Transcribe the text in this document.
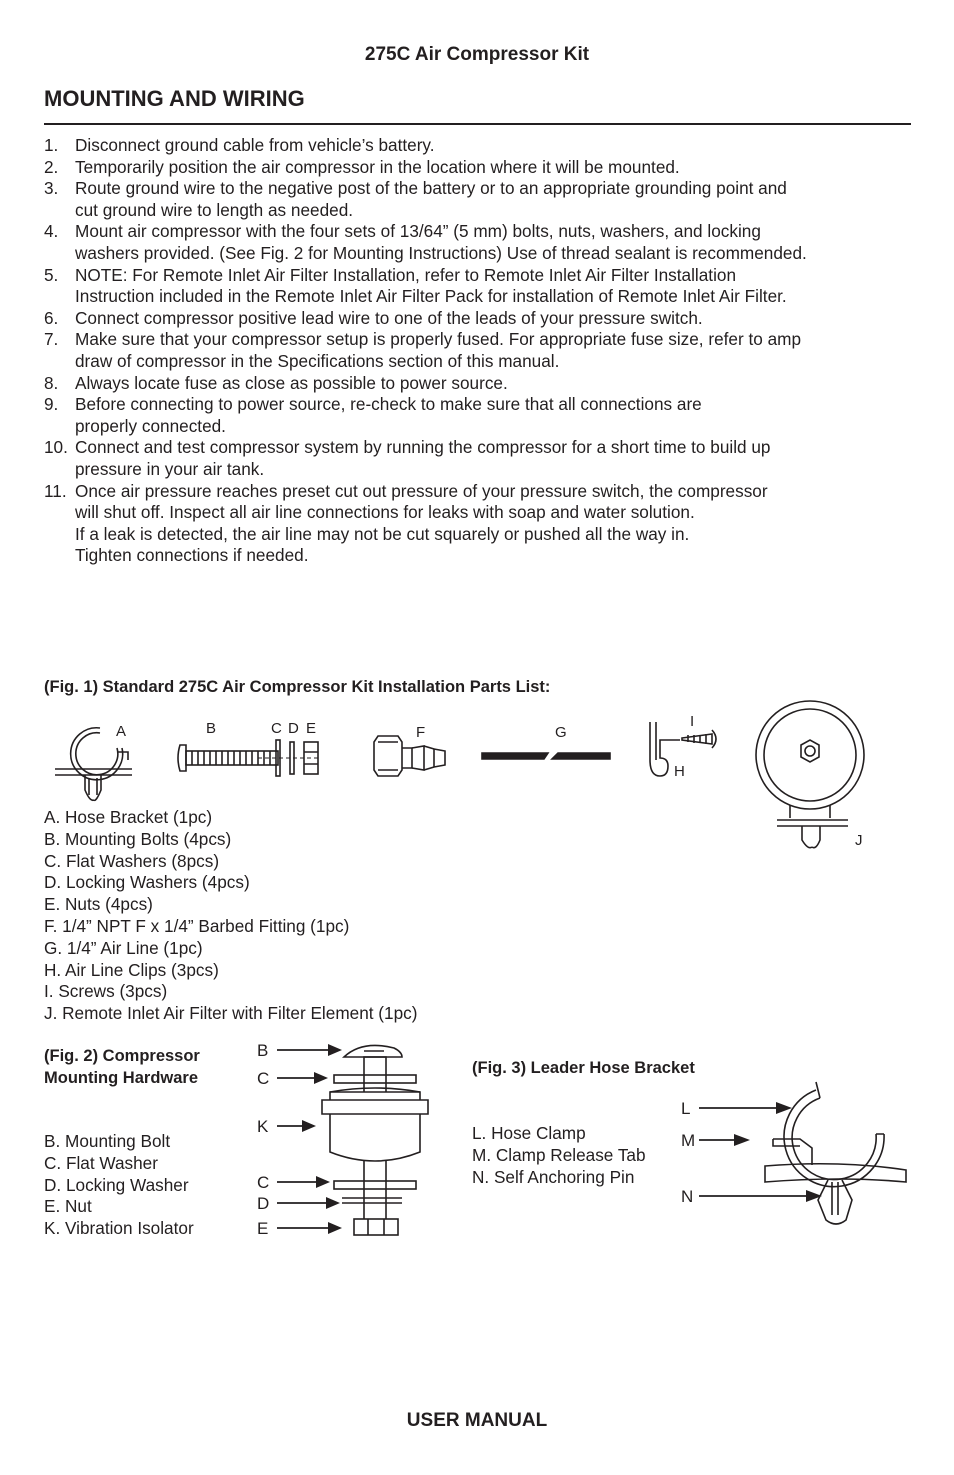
275C Air Compressor Kit
MOUNTING AND WIRING
1. Disconnect ground cable from vehicle’s battery.
2. Temporarily position the air compressor in the location where it will be mounted.
3. Route ground wire to the negative post of the battery or to an appropriate grounding point and
cut ground wire to length as needed.
4. Mount air compressor with the four sets of 13/64” (5 mm) bolts, nuts, washers, and locking
washers provided. (See Fig. 2 for Mounting Instructions) Use of thread sealant is recommended.
5. NOTE: For Remote Inlet Air Filter Installation, refer to Remote Inlet Air Filter Installation
Instruction included in the Remote Inlet Air Filter Pack for installation of Remote Inlet Air Filter.
6. Connect compressor positive lead wire to one of the leads of your pressure switch.
7. Make sure that your compressor setup is properly fused. For appropriate fuse size, refer to amp
draw of compressor in the Specifications section of this manual.
8. Always locate fuse as close as possible to power source.
9. Before connecting to power source, re-check to make sure that all connections are
properly connected.
10. Connect and test compressor system by running the compressor for a short time to build up
pressure in your air tank.
11. Once air pressure reaches preset cut out pressure of your pressure switch, the compressor
will shut off. Inspect all air line connections for leaks with soap and water solution.
If a leak is detected, the air line may not be cut squarely or pushed all the way in.
Tighten connections if needed.
(Fig. 1) Standard 275C Air Compressor Kit Installation Parts List:
A	B	C D E	F	G
H
I
J
A. Hose Bracket (1pc)
B. Mounting Bolts (4pcs)
C. Flat Washers (8pcs)
D. Locking Washers (4pcs)
E. Nuts (4pcs)
F. 1/4” NPT F x 1/4” Barbed Fitting (1pc)
G. 1/4” Air Line (1pc)
H. Air Line Clips (3pcs)
I. Screws (3pcs)
J. Remote Inlet Air Filter with Filter Element (1pc)
(Fig. 2) Compressor
Mounting Hardware
B. Mounting Bolt
C. Flat Washer
D. Locking Washer
E. Nut
K. Vibration Isolator
B
C
K
C
D
E
(Fig. 3) Leader Hose Bracket
L. Hose Clamp
M. Clamp Release Tab
N. Self Anchoring Pin
L
M
N
USER MANUAL
